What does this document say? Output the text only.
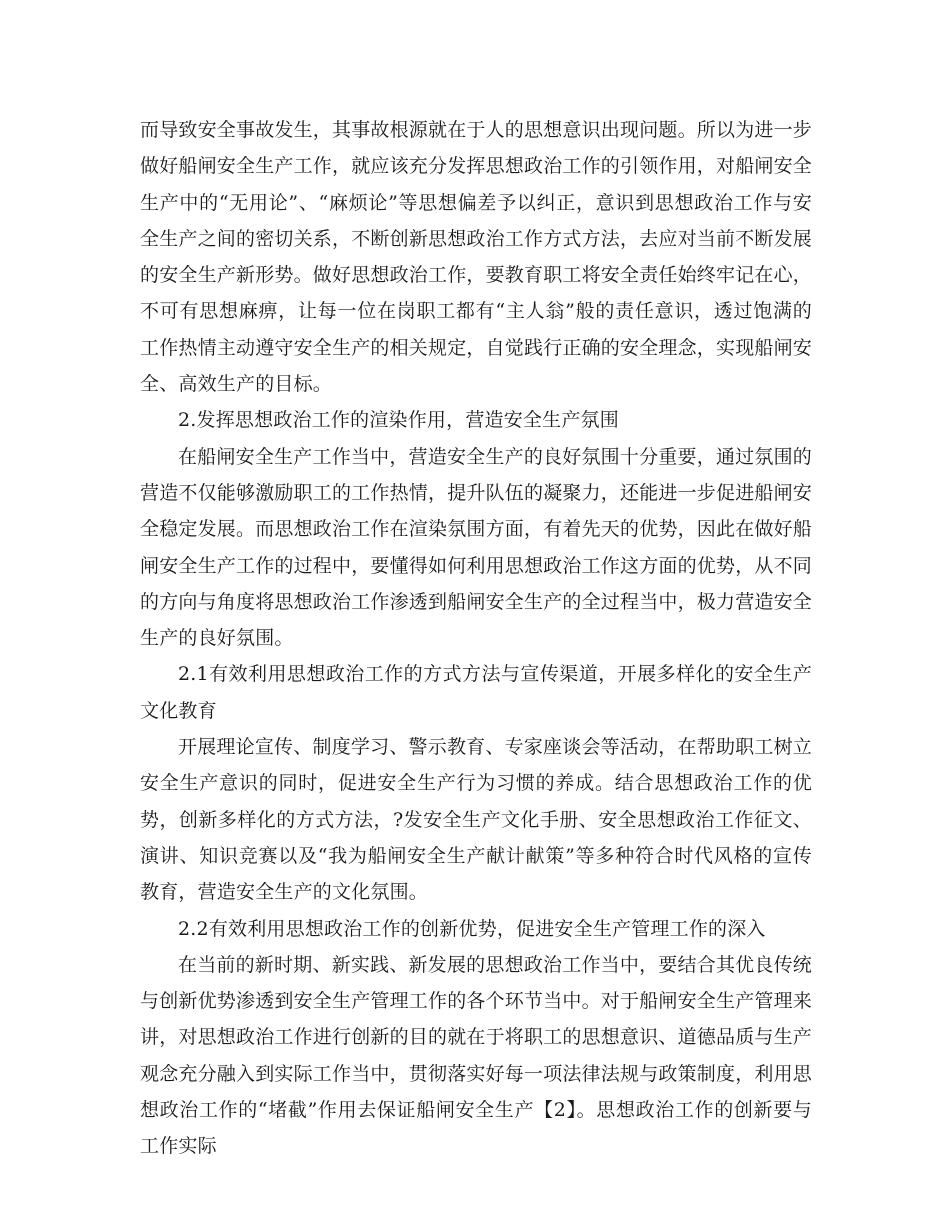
而导致安全事故发生，其事故根源就在于人的思想意识出现问题。所以为进一步做好船闸安全生产工作，就应该充分发挥思想政治工作的引领作用，对船闸安全生产中的“无用论”、“麻烦论”等思想偏差予以纠正，意识到思想政治工作与安全生产之间的密切关系，不断创新思想政治工作方式方法，去应对当前不断发展的安全生产新形势。做好思想政治工作，要教育职工将安全责任始终牢记在心，不可有思想麻痹，让每一位在岗职工都有“主人翁”般的责任意识，透过饱满的工作热情主动遵守安全生产的相关规定，自觉践行正确的安全理念，实现船闸安全、高效生产的目标。

2.发挥思想政治工作的渲染作用，营造安全生产氛围

在船闸安全生产工作当中，营造安全生产的良好氛围十分重要，通过氛围的营造不仅能够激励职工的工作热情，提升队伍的凝聚力，还能进一步促进船闸安全稳定发展。而思想政治工作在渲染氛围方面，有着先天的优势，因此在做好船闸安全生产工作的过程中，要懂得如何利用思想政治工作这方面的优势，从不同的方向与角度将思想政治工作渗透到船闸安全生产的全过程当中，极力营造安全生产的良好氛围。

2.1有效利用思想政治工作的方式方法与宣传渠道，开展多样化的安全生产文化教育

开展理论宣传、制度学习、警示教育、专家座谈会等活动，在帮助职工树立安全生产意识的同时，促进安全生产行为习惯的养成。结合思想政治工作的优势，创新多样化的方式方法，?发安全生产文化手册、安全思想政治工作征文、演讲、知识竞赛以及“我为船闸安全生产献计献策”等多种符合时代风格的宣传教育，营造安全生产的文化氛围。

2.2有效利用思想政治工作的创新优势，促进安全生产管理工作的深入

在当前的新时期、新实践、新发展的思想政治工作当中，要结合其优良传统与创新优势渗透到安全生产管理工作的各个环节当中。对于船闸安全生产管理来讲，对思想政治工作进行创新的目的就在于将职工的思想意识、道德品质与生产观念充分融入到实际工作当中，贯彻落实好每一项法律法规与政策制度，利用思想政治工作的“堵截”作用去保证船闸安全生产【2】。思想政治工作的创新要与工作实际
